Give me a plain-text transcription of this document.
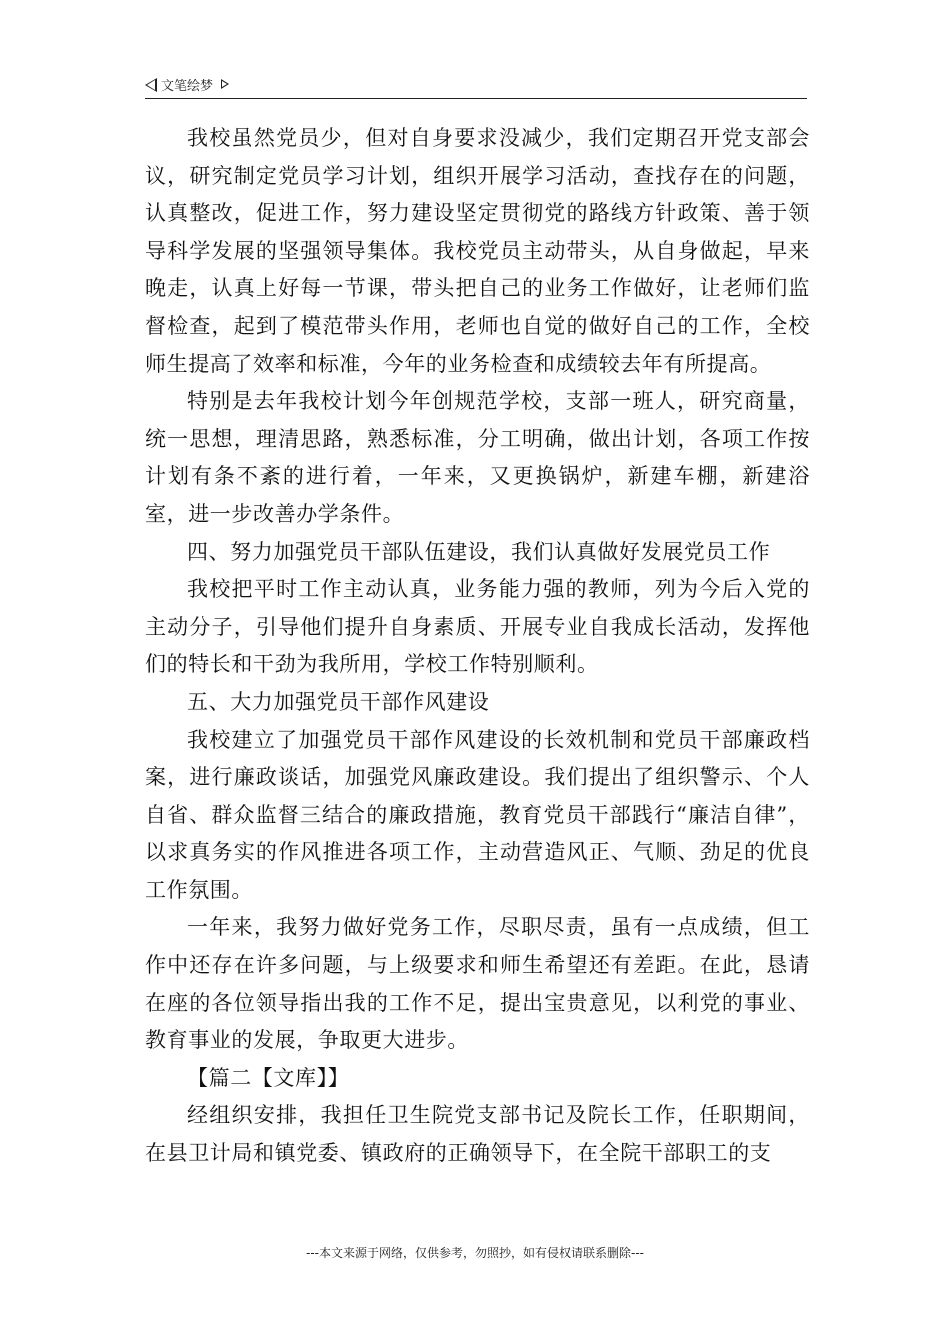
文笔绘梦

我校虽然党员少，但对自身要求没减少，我们定期召开党支部会议，研究制定党员学习计划，组织开展学习活动，查找存在的问题，认真整改，促进工作，努力建设坚定贯彻党的路线方针政策、善于领导科学发展的坚强领导集体。我校党员主动带头，从自身做起，早来晚走，认真上好每一节课，带头把自己的业务工作做好，让老师们监督检查，起到了模范带头作用，老师也自觉的做好自己的工作，全校师生提高了效率和标准，今年的业务检查和成绩较去年有所提高。

特别是去年我校计划今年创规范学校，支部一班人，研究商量，统一思想，理清思路，熟悉标准，分工明确，做出计划，各项工作按计划有条不紊的进行着，一年来，又更换锅炉，新建车棚，新建浴室，进一步改善办学条件。

四、努力加强党员干部队伍建设，我们认真做好发展党员工作

我校把平时工作主动认真，业务能力强的教师，列为今后入党的主动分子，引导他们提升自身素质、开展专业自我成长活动，发挥他们的特长和干劲为我所用，学校工作特别顺利。

五、大力加强党员干部作风建设

我校建立了加强党员干部作风建设的长效机制和党员干部廉政档案，进行廉政谈话，加强党风廉政建设。我们提出了组织警示、个人自省、群众监督三结合的廉政措施，教育党员干部践行“廉洁自律”，以求真务实的作风推进各项工作，主动营造风正、气顺、劲足的优良工作氛围。

一年来，我努力做好党务工作，尽职尽责，虽有一点成绩，但工作中还存在许多问题，与上级要求和师生希望还有差距。在此，恳请在座的各位领导指出我的工作不足，提出宝贵意见，以利党的事业、教育事业的发展，争取更大进步。

【篇二【文库】】

经组织安排，我担任卫生院党支部书记及院长工作，任职期间，在县卫计局和镇党委、镇政府的正确领导下，在全院干部职工的支

---本文来源于网络，仅供参考，勿照抄，如有侵权请联系删除---
